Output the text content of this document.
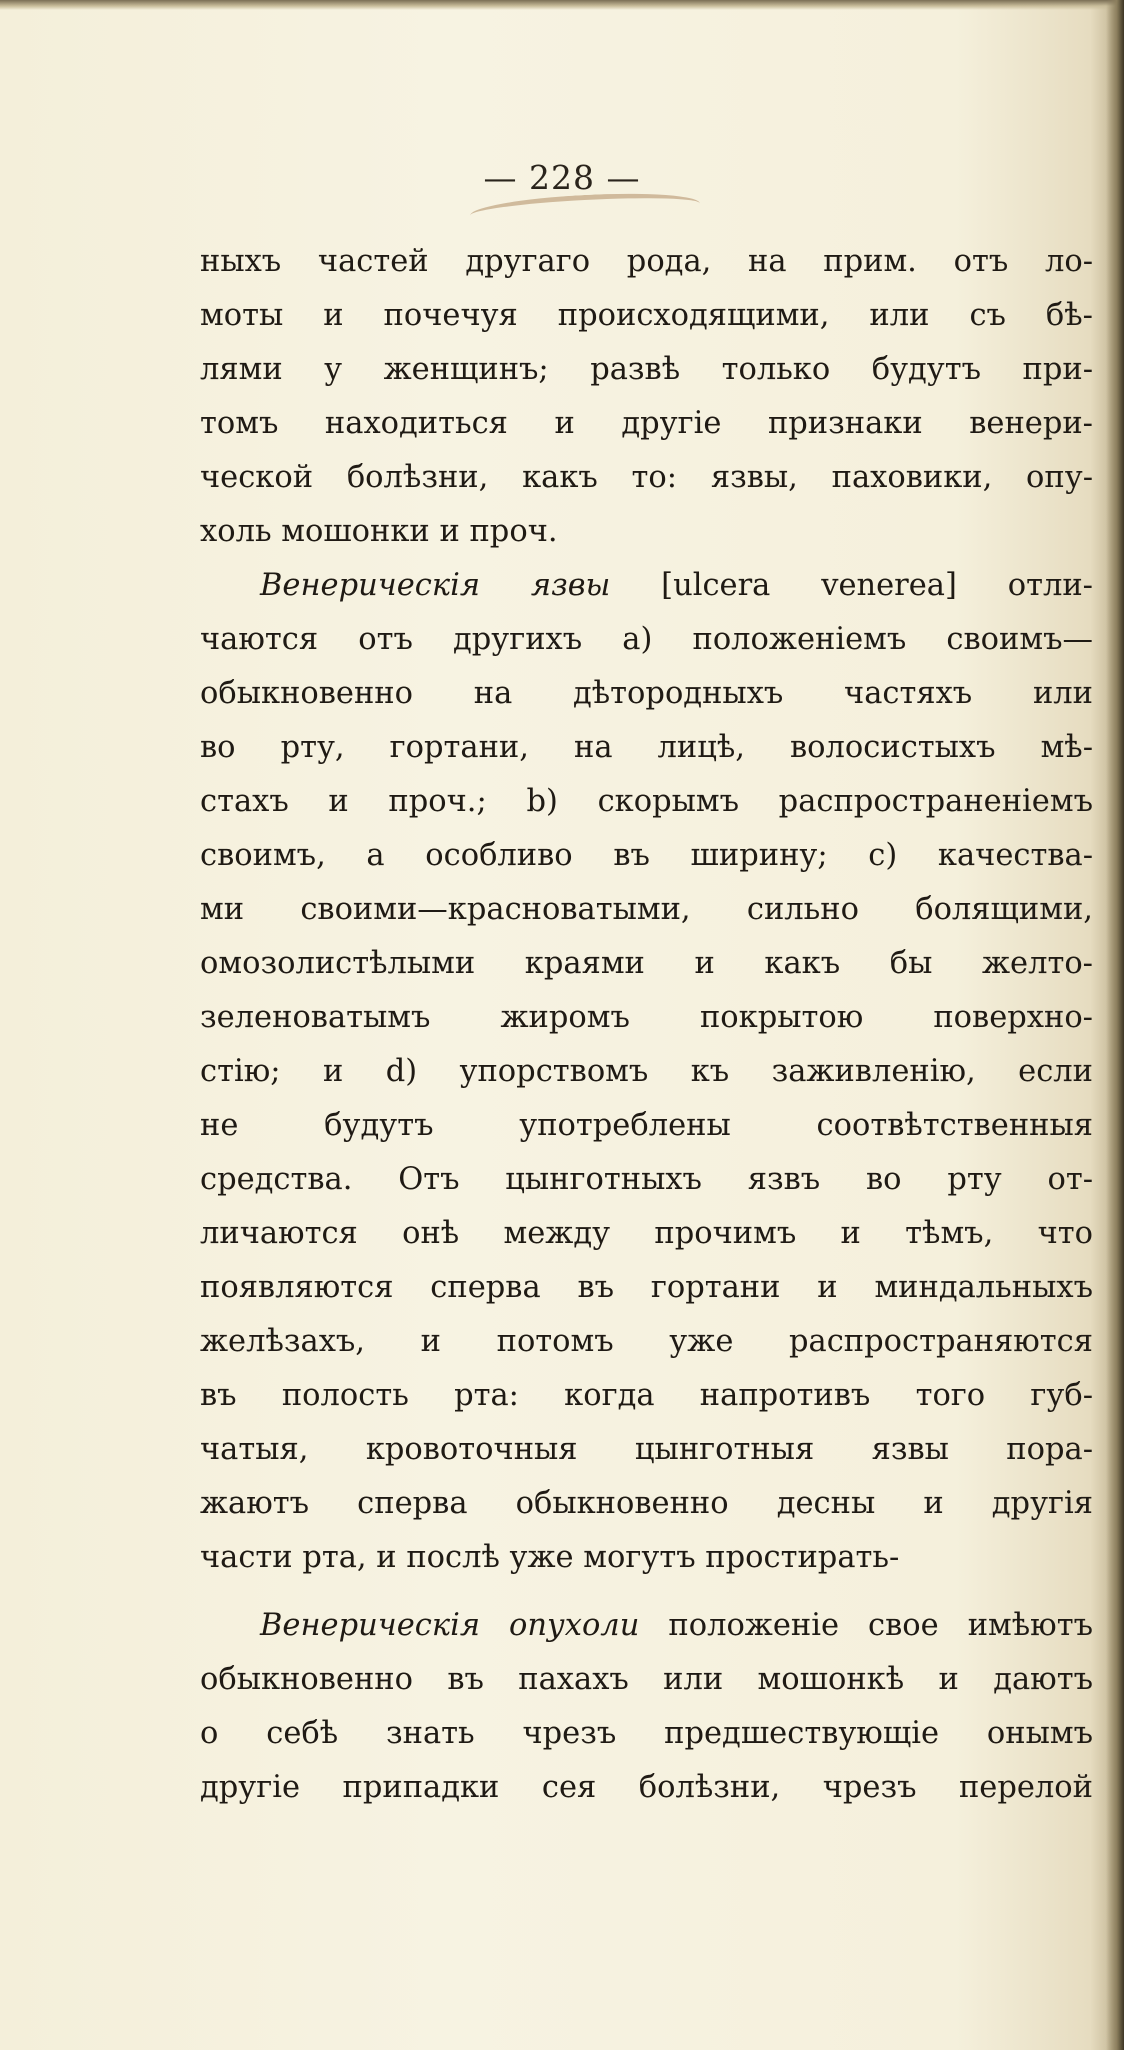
— 228 —
ныхъ частей другаго рода, на прим. отъ ло-
моты и почечуя происходящими, или съ бѣ-
лями у женщинъ; развѣ только будутъ при-
томъ находиться и другіе признаки венери-
ческой болѣзни, какъ то: язвы, паховики, опу-
холь мошонки и проч.
Венерическія язвы [ulcera venerea] отли-
чаются отъ другихъ a) положеніемъ своимъ—
обыкновенно на дѣтородныхъ частяхъ или
во рту, гортани, на лицѣ, волосистыхъ мѣ-
стахъ и проч.; b) скорымъ распространеніемъ
своимъ, а особливо въ ширину; c) качества-
ми своими—красноватыми, сильно болящими,
омозолистѣлыми краями и какъ бы желто-
зеленоватымъ жиромъ покрытою поверхно-
стію; и d) упорствомъ къ заживленію, если
не будутъ употреблены соотвѣтственныя
средства. Отъ цынготныхъ язвъ во рту от-
личаются онѣ между прочимъ и тѣмъ, что
появляются сперва въ гортани и миндальныхъ
желѣзахъ, и потомъ уже распространяются
въ полость рта: когда напротивъ того губ-
чатыя, кровоточныя цынготныя язвы пора-
жаютъ сперва обыкновенно десны и другія
части рта, и послѣ уже могутъ простирать-
Венерическія опухоли положеніе свое имѣютъ
обыкновенно въ пахахъ или мошонкѣ и даютъ
о себѣ знать чрезъ предшествующіе онымъ
другіе припадки сея болѣзни, чрезъ перелой
